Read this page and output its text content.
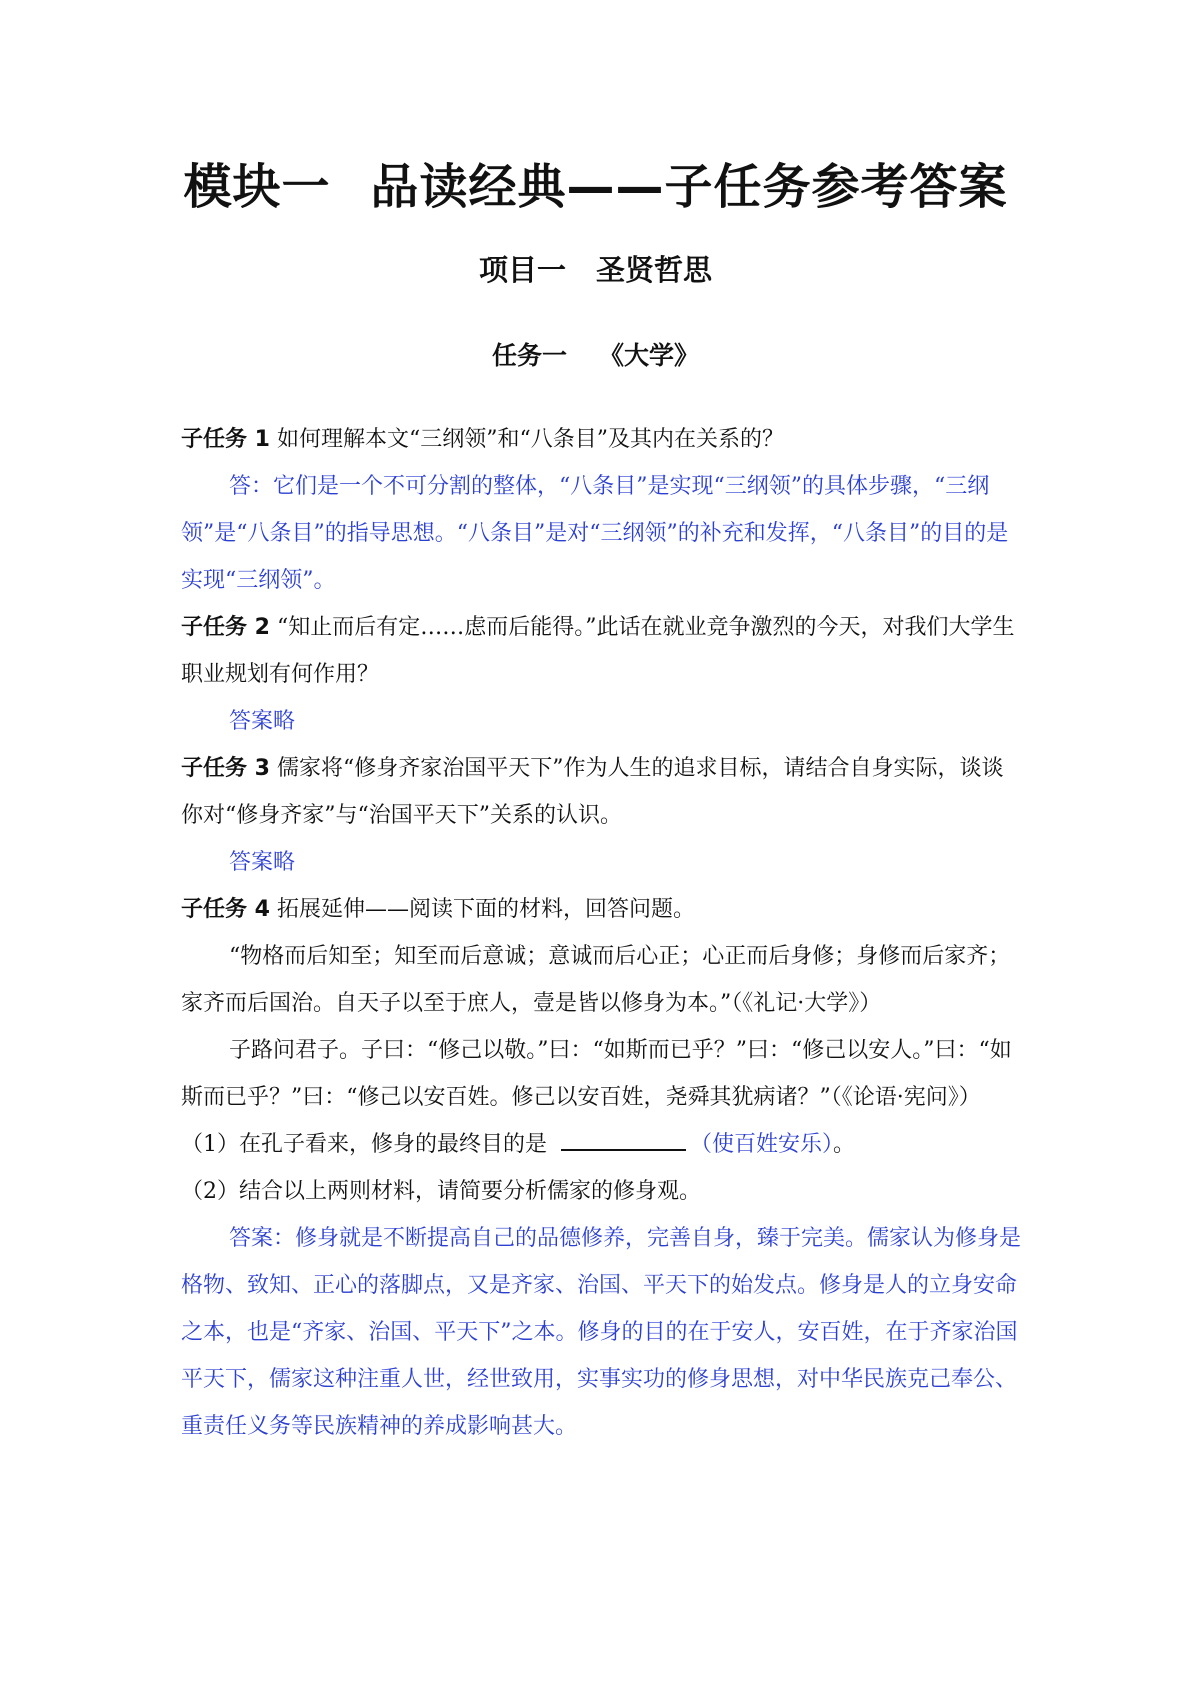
模块一 品读经典——子任务参考答案
项目一 圣贤哲思
任务一 《大学》

子任务 1 如何理解本文“三纲领”和“八条目”及其内在关系的？

答：它们是一个不可分割的整体，“八条目”是实现“三纲领”的具体步骤，“三纲领”是“八条目”的指导思想。“八条目”是对“三纲领”的补充和发挥，“八条目”的目的是实现“三纲领”。

子任务 2 “知止而后有定……虑而后能得。”此话在就业竞争激烈的今天，对我们大学生职业规划有何作用？

答案略

子任务 3 儒家将“修身齐家治国平天下”作为人生的追求目标，请结合自身实际，谈谈你对“修身齐家”与“治国平天下”关系的认识。

答案略

子任务 4 拓展延伸——阅读下面的材料，回答问题。

“物格而后知至；知至而后意诚；意诚而后心正；心正而后身修；身修而后家齐；家齐而后国治。自天子以至于庶人，壹是皆以修身为本。”（《礼记·大学》）

子路问君子。子曰：“修己以敬。”曰：“如斯而已乎？”曰：“修己以安人。”曰：“如斯而已乎？”曰：“修己以安百姓。修己以安百姓，尧舜其犹病诸？”（《论语·宪问》）

（1）在孔子看来，修身的最终目的是	（使百姓安乐）。

（2）结合以上两则材料，请简要分析儒家的修身观。

答案：修身就是不断提高自己的品德修养，完善自身，臻于完美。儒家认为修身是格物、致知、正心的落脚点，又是齐家、治国、平天下的始发点。修身是人的立身安命之本，也是“齐家、治国、平天下”之本。修身的目的在于安人，安百姓，在于齐家治国平天下，儒家这种注重人世，经世致用，实事实功的修身思想，对中华民族克己奉公、重责任义务等民族精神的养成影响甚大。
